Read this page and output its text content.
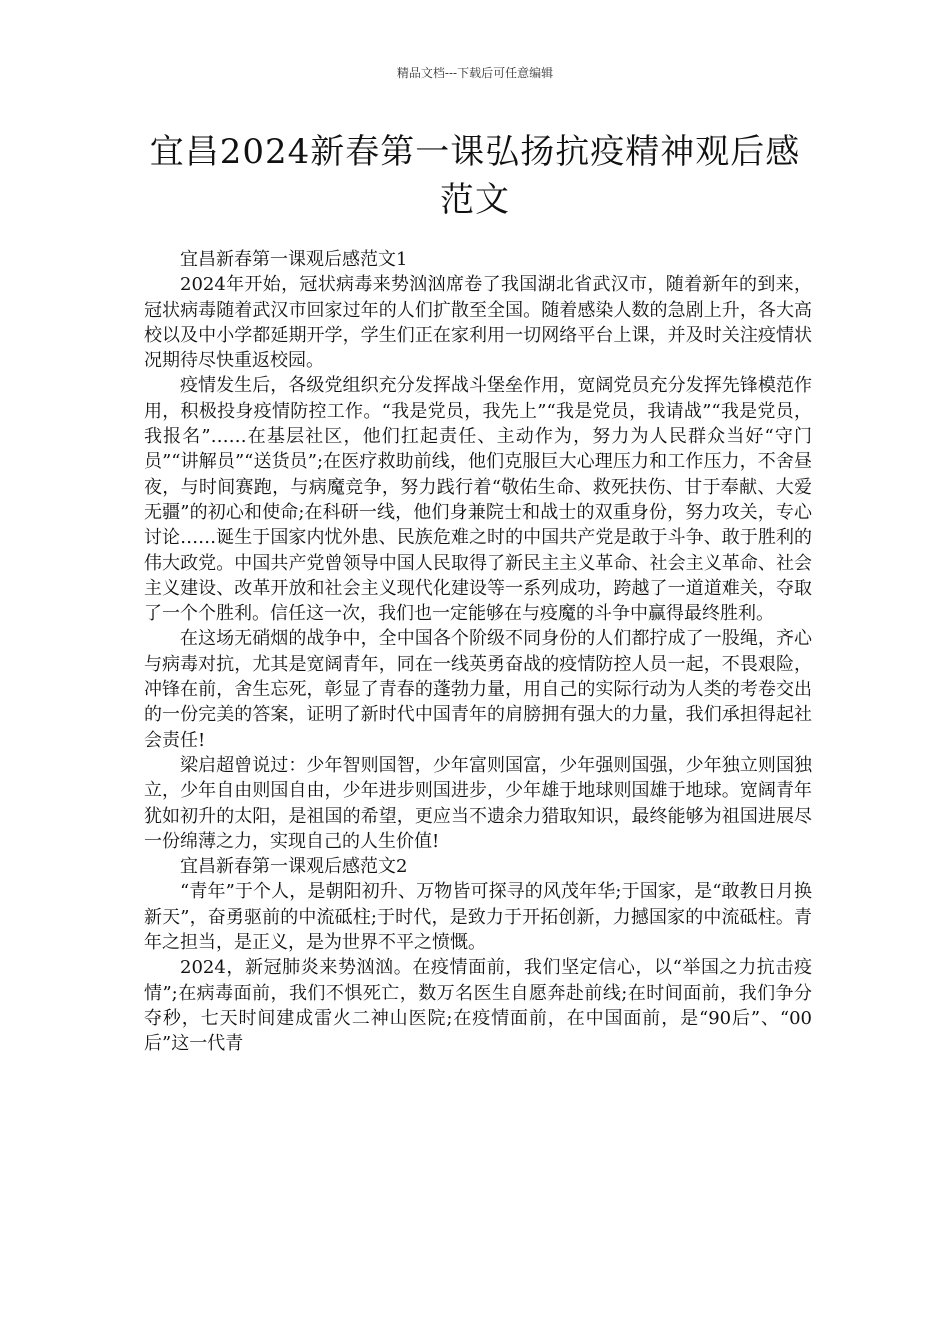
精品文档---下载后可任意编辑
宜昌2024新春第一课弘扬抗疫精神观后感
范文

宜昌新春第一课观后感范文1

2024年开始，冠状病毒来势汹汹席卷了我国湖北省武汉市，随着新年的到来，冠状病毒随着武汉市回家过年的人们扩散至全国。随着感染人数的急剧上升，各大高校以及中小学都延期开学，学生们正在家利用一切网络平台上课，并及时关注疫情状况期待尽快重返校园。

疫情发生后，各级党组织充分发挥战斗堡垒作用，宽阔党员充分发挥先锋模范作用，积极投身疫情防控工作。“我是党员，我先上”“我是党员，我请战”“我是党员，我报名”……在基层社区，他们扛起责任、主动作为，努力为人民群众当好“守门员”“讲解员”“送货员”;在医疗救助前线，他们克服巨大心理压力和工作压力，不舍昼夜，与时间赛跑，与病魔竞争，努力践行着“敬佑生命、救死扶伤、甘于奉献、大爱无疆”的初心和使命;在科研一线，他们身兼院士和战士的双重身份，努力攻关，专心讨论……诞生于国家内忧外患、民族危难之时的中国共产党是敢于斗争、敢于胜利的伟大政党。中国共产党曾领导中国人民取得了新民主主义革命、社会主义革命、社会主义建设、改革开放和社会主义现代化建设等一系列成功，跨越了一道道难关，夺取了一个个胜利。信任这一次，我们也一定能够在与疫魔的斗争中赢得最终胜利。

在这场无硝烟的战争中，全中国各个阶级不同身份的人们都拧成了一股绳，齐心与病毒对抗，尤其是宽阔青年，同在一线英勇奋战的疫情防控人员一起，不畏艰险，冲锋在前，舍生忘死，彰显了青春的蓬勃力量，用自己的实际行动为人类的考卷交出的一份完美的答案，证明了新时代中国青年的肩膀拥有强大的力量，我们承担得起社会责任!

梁启超曾说过：少年智则国智，少年富则国富，少年强则国强，少年独立则国独立，少年自由则国自由，少年进步则国进步，少年雄于地球则国雄于地球。宽阔青年犹如初升的太阳，是祖国的希望，更应当不遗余力猎取知识，最终能够为祖国进展尽一份绵薄之力，实现自己的人生价值!

宜昌新春第一课观后感范文2

“青年”于个人，是朝阳初升、万物皆可探寻的风茂年华;于国家，是“敢教日月换新天”，奋勇驱前的中流砥柱;于时代，是致力于开拓创新，力撼国家的中流砥柱。青年之担当，是正义，是为世界不平之愤慨。

2024，新冠肺炎来势汹汹。在疫情面前，我们坚定信心，以“举国之力抗击疫情”;在病毒面前，我们不惧死亡，数万名医生自愿奔赴前线;在时间面前，我们争分夺秒，七天时间建成雷火二神山医院;在疫情面前，在中国面前，是“90后”、“00后”这一代青
